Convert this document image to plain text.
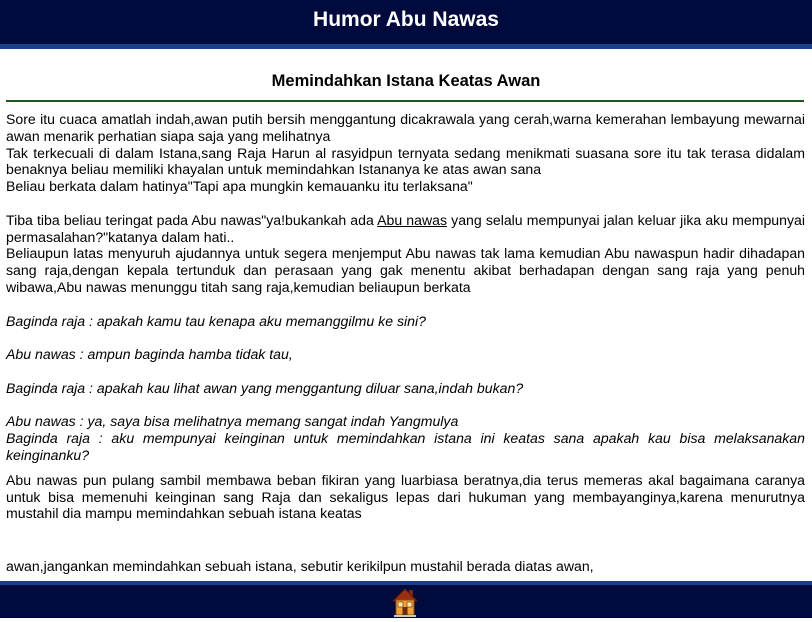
Humor Abu Nawas
Memindahkan Istana Keatas Awan

Sore itu cuaca amatlah indah,awan putih bersih menggantung dicakrawala yang cerah,warna kemerahan lembayung mewarnai awan menarik perhatian siapa saja yang melihatnya

Tak terkecuali di dalam Istana,sang Raja Harun al rasyidpun ternyata sedang menikmati suasana sore itu tak terasa didalam benaknya beliau memiliki khayalan untuk memindahkan Istananya ke atas awan sana

Beliau berkata dalam hatinya"Tapi apa mungkin kemauanku itu terlaksana"

Tiba tiba beliau teringat pada Abu nawas"ya!bukankah ada Abu nawas yang selalu mempunyai jalan keluar jika aku mempunyai permasalahan?"katanya dalam hati..

Beliaupun latas menyuruh ajudannya untuk segera menjemput Abu nawas tak lama kemudian Abu nawaspun hadir dihadapan sang raja,dengan kepala tertunduk dan perasaan yang gak menentu akibat berhadapan dengan sang raja yang penuh wibawa,Abu nawas menunggu titah sang raja,kemudian beliaupun berkata

Baginda raja : apakah kamu tau kenapa aku memanggilmu ke sini?

Abu nawas : ampun baginda hamba tidak tau,

Baginda raja : apakah kau lihat awan yang menggantung diluar sana,indah bukan?

Abu nawas : ya, saya bisa melihatnya memang sangat indah Yangmulya

Baginda raja : aku mempunyai keinginan untuk memindahkan istana ini keatas sana apakah kau bisa melaksanakan keinginanku?

Abu nawas pun pulang sambil membawa beban fikiran yang luarbiasa beratnya,dia terus memeras akal bagaimana caranya untuk bisa memenuhi keinginan sang Raja dan sekaligus lepas dari hukuman yang membayanginya,karena menurutnya mustahil dia mampu memindahkan sebuah istana keatas

awan,jangankan memindahkan sebuah istana, sebutir kerikilpun mustahil berada diatas awan,
